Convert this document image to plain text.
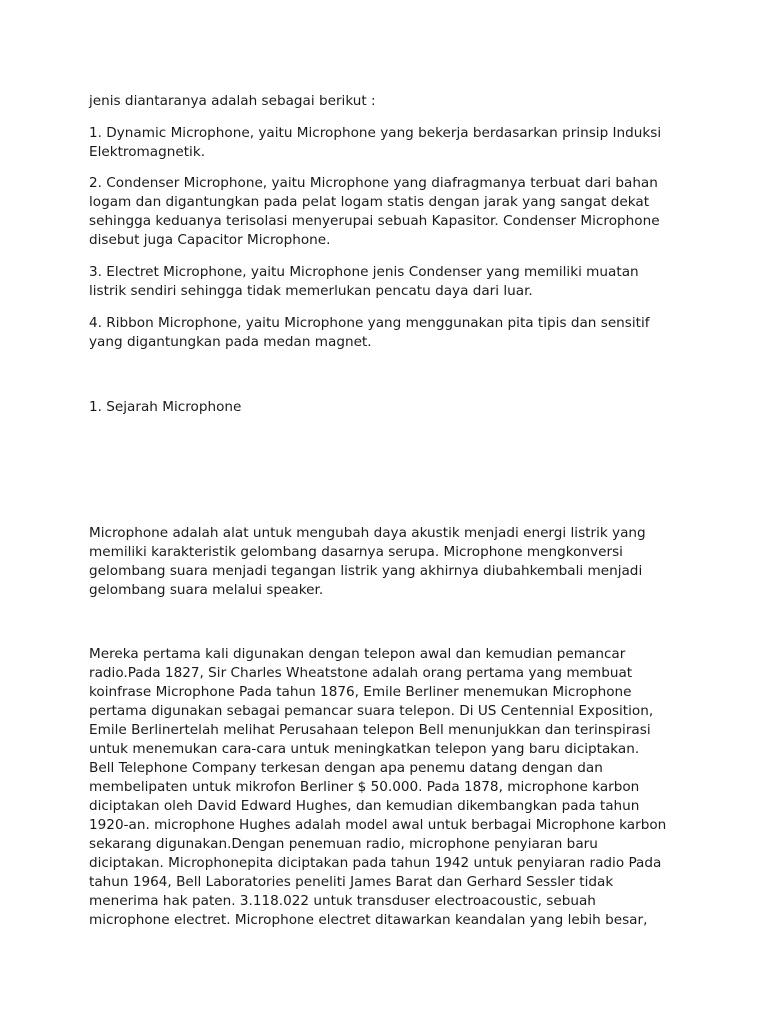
jenis diantaranya adalah sebagai berikut :
1. Dynamic Microphone, yaitu Microphone yang bekerja berdasarkan prinsip Induksi
Elektromagnetik.
2. Condenser Microphone, yaitu Microphone yang diafragmanya terbuat dari bahan
logam dan digantungkan pada pelat logam statis dengan jarak yang sangat dekat
sehingga keduanya terisolasi menyerupai sebuah Kapasitor. Condenser Microphone
disebut juga Capacitor Microphone.
3. Electret Microphone, yaitu Microphone jenis Condenser yang memiliki muatan
listrik sendiri sehingga tidak memerlukan pencatu daya dari luar.
4. Ribbon Microphone, yaitu Microphone yang menggunakan pita tipis dan sensitif
yang digantungkan pada medan magnet.
1. Sejarah Microphone
Microphone adalah alat untuk mengubah daya akustik menjadi energi listrik yang
memiliki karakteristik gelombang dasarnya serupa. Microphone mengkonversi
gelombang suara menjadi tegangan listrik yang akhirnya diubahkembali menjadi
gelombang suara melalui speaker.
Mereka pertama kali digunakan dengan telepon awal dan kemudian pemancar
radio.Pada 1827, Sir Charles Wheatstone adalah orang pertama yang membuat
koinfrase Microphone Pada tahun 1876, Emile Berliner menemukan Microphone
pertama digunakan sebagai pemancar suara telepon. Di US Centennial Exposition,
Emile Berlinertelah melihat Perusahaan telepon Bell menunjukkan dan terinspirasi
untuk menemukan cara-cara untuk meningkatkan telepon yang baru diciptakan.
Bell Telephone Company terkesan dengan apa penemu datang dengan dan
membelipaten untuk mikrofon Berliner $ 50.000. Pada 1878, microphone karbon
diciptakan oleh David Edward Hughes, dan kemudian dikembangkan pada tahun
1920-an. microphone Hughes adalah model awal untuk berbagai Microphone karbon
sekarang digunakan.Dengan penemuan radio, microphone penyiaran baru
diciptakan. Microphonepita diciptakan pada tahun 1942 untuk penyiaran radio Pada
tahun 1964, Bell Laboratories peneliti James Barat dan Gerhard Sessler tidak
menerima hak paten. 3.118.022 untuk transduser electroacoustic, sebuah
microphone electret. Microphone electret ditawarkan keandalan yang lebih besar,
